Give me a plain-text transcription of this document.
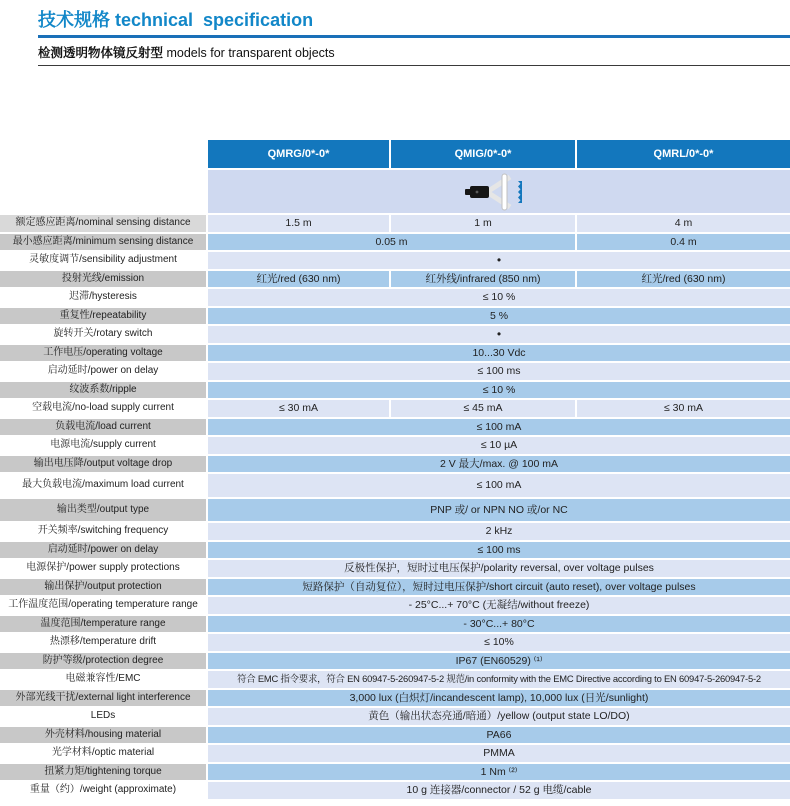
技术规格 technical  specification
检测透明物体镜反射型 models for transparent objects
QMRG/0*-0*	QMIG/0*-0*	QMRL/0*-0*
额定感应距离/nominal sensing distance	1.5 m	1 m	4 m
最小感应距离/minimum sensing distance	0.05 m	0.4 m
灵敏度调节/sensibility adjustment	●
投射光线/emission	红光/red (630 nm)	红外线/infrared (850 nm)	红光/red (630 nm)
迟滞/hysteresis	≤ 10 %
重复性/repeatability	5 %
旋转开关/rotary switch	●
工作电压/operating voltage	10...30 Vdc
启动延时/power on delay	≤ 100 ms
纹波系数/ripple	≤ 10 %
空载电流/no-load supply current	≤ 30 mA	≤ 45 mA	≤ 30 mA
负载电流/load current	≤ 100 mA
电源电流/supply current	≤ 10 µA
输出电压降/output voltage drop	2 V 最大/max. @ 100 mA
最大负载电流/maximum load current	≤ 100 mA
输出类型/output type	PNP 或/ or NPN NO 或/or NC
开关频率/switching frequency	2 kHz
启动延时/power on delay	≤ 100 ms
电源保护/power supply protections	反极性保护，短时过电压保护/polarity reversal, over voltage pulses
输出保护/output protection	短路保护（自动复位），短时过电压保护/short circuit (auto reset), over voltage pulses
工作温度范围/operating temperature range	- 25°C...+ 70°C (无凝结/without freeze)
温度范围/temperature range	- 30°C...+ 80°C
热漂移/temperature drift	≤ 10%
防护等级/protection degree	IP67 (EN60529) ⁽¹⁾
电磁兼容性/EMC	符合 EMC 指令要求，符合 EN 60947-5-260947-5-2 规范/in conformity with the EMC Directive according to EN 60947-5-260947-5-2
外部光线干扰/external light interference	3,000 lux (白炽灯/incandescent lamp), 10,000 lux (日光/sunlight)
LEDs	黄色（输出状态亮通/暗通）/yellow (output state LO/DO)
外壳材料/housing material	PA66
光学材料/optic material	PMMA
扭紧力矩/tightening torque	1 Nm ⁽²⁾
重量（约）/weight (approximate)	10 g 连接器/connector / 52 g 电缆/cable
